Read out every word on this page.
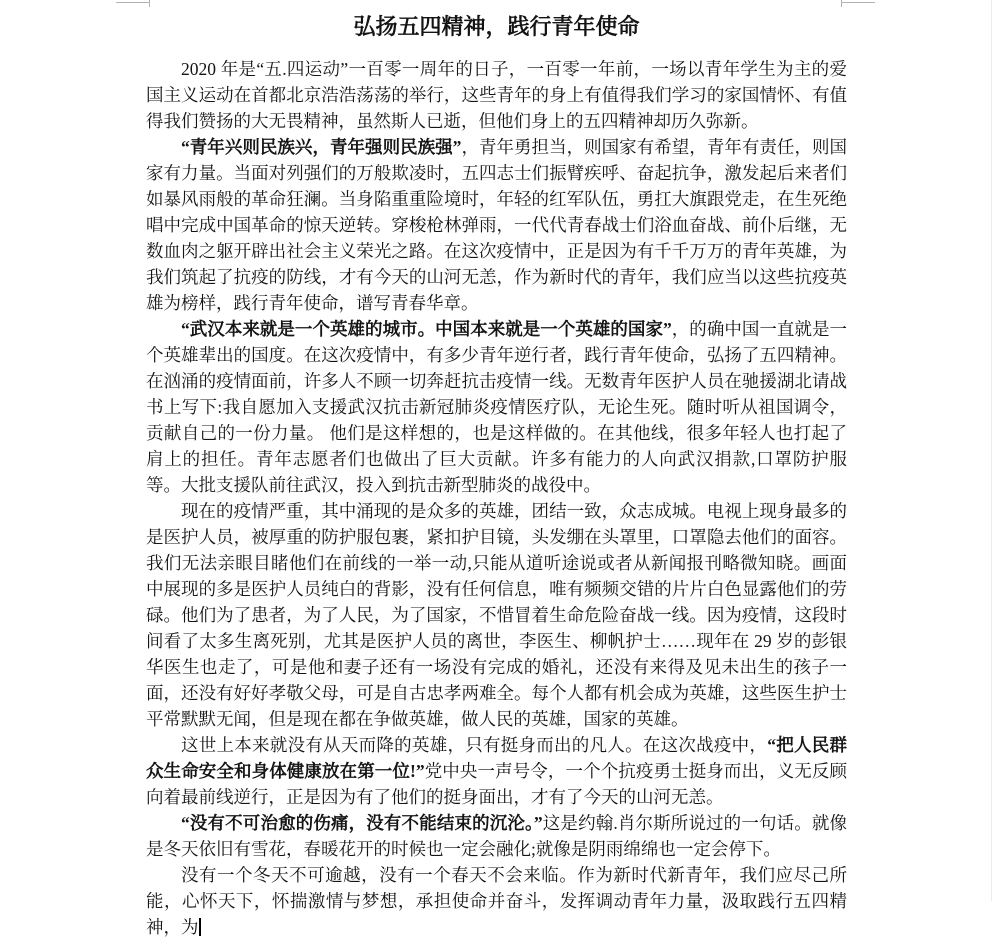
弘扬五四精神，践行青年使命

2020 年是“五.四运动”一百零一周年的日子，一百零一年前，一场以青年学生为主的爱国主义运动在首都北京浩浩荡荡的举行，这些青年的身上有值得我们学习的家国情怀、有值得我们赞扬的大无畏精神，虽然斯人已逝，但他们身上的五四精神却历久弥新。

“青年兴则民族兴，青年强则民族强”，青年勇担当，则国家有希望，青年有责任，则国家有力量。当面对列强们的万般欺凌时，五四志士们振臂疾呼、奋起抗争，激发起后来者们如暴风雨般的革命狂澜。当身陷重重险境时，年轻的红军队伍，勇扛大旗跟党走，在生死绝唱中完成中国革命的惊天逆转。穿梭枪林弹雨，一代代青春战士们浴血奋战、前仆后继，无数血肉之躯开辟出社会主义荣光之路。在这次疫情中，正是因为有千千万万的青年英雄，为我们筑起了抗疫的防线，才有今天的山河无恙，作为新时代的青年，我们应当以这些抗疫英雄为榜样，践行青年使命，谱写青春华章。

“武汉本来就是一个英雄的城市。中国本来就是一个英雄的国家”，的确中国一直就是一个英雄辈出的国度。在这次疫情中，有多少青年逆行者，践行青年使命，弘扬了五四精神。在汹涌的疫情面前，许多人不顾一切奔赶抗击疫情一线。无数青年医护人员在驰援湖北请战书上写下:我自愿加入支援武汉抗击新冠肺炎疫情医疗队，无论生死。随时听从祖国调令，贡献自己的一份力量。 他们是这样想的，也是这样做的。在其他线，很多年轻人也打起了肩上的担任。青年志愿者们也做出了巨大贡献。许多有能力的人向武汉捐款,口罩防护服等。大批支援队前往武汉，投入到抗击新型肺炎的战役中。

现在的疫情严重，其中涌现的是众多的英雄，团结一致，众志成城。电视上现身最多的是医护人员，被厚重的防护服包裹，紧扣护目镜，头发绷在头罩里，口罩隐去他们的面容。我们无法亲眼目睹他们在前线的一举一动,只能从道听途说或者从新闻报刊略微知晓。画面中展现的多是医护人员纯白的背影，没有任何信息，唯有频频交错的片片白色显露他们的劳碌。他们为了患者，为了人民，为了国家，不惜冒着生命危险奋战一线。因为疫情，这段时间看了太多生离死别，尤其是医护人员的离世，李医生、柳帆护士……现年在 29 岁的彭银华医生也走了，可是他和妻子还有一场没有完成的婚礼，还没有来得及见未出生的孩子一面，还没有好好孝敬父母，可是自古忠孝两难全。每个人都有机会成为英雄，这些医生护士平常默默无闻，但是现在都在争做英雄，做人民的英雄，国家的英雄。

这世上本来就没有从天而降的英雄，只有挺身而出的凡人。在这次战疫中，“把人民群众生命安全和身体健康放在第一位!”党中央一声号令，一个个抗疫勇士挺身而出，义无反顾向着最前线逆行，正是因为有了他们的挺身面出，才有了今天的山河无恙。

“没有不可治愈的伤痛，没有不能结束的沉沦。”这是约翰.肖尔斯所说过的一句话。就像是冬天依旧有雪花，春暖花开的时候也一定会融化;就像是阴雨绵绵也一定会停下。

没有一个冬天不可逾越，没有一个春天不会来临。作为新时代新青年，我们应尽己所能，心怀天下，怀揣激情与梦想，承担使命并奋斗，发挥调动青年力量，汲取践行五四精神，为
